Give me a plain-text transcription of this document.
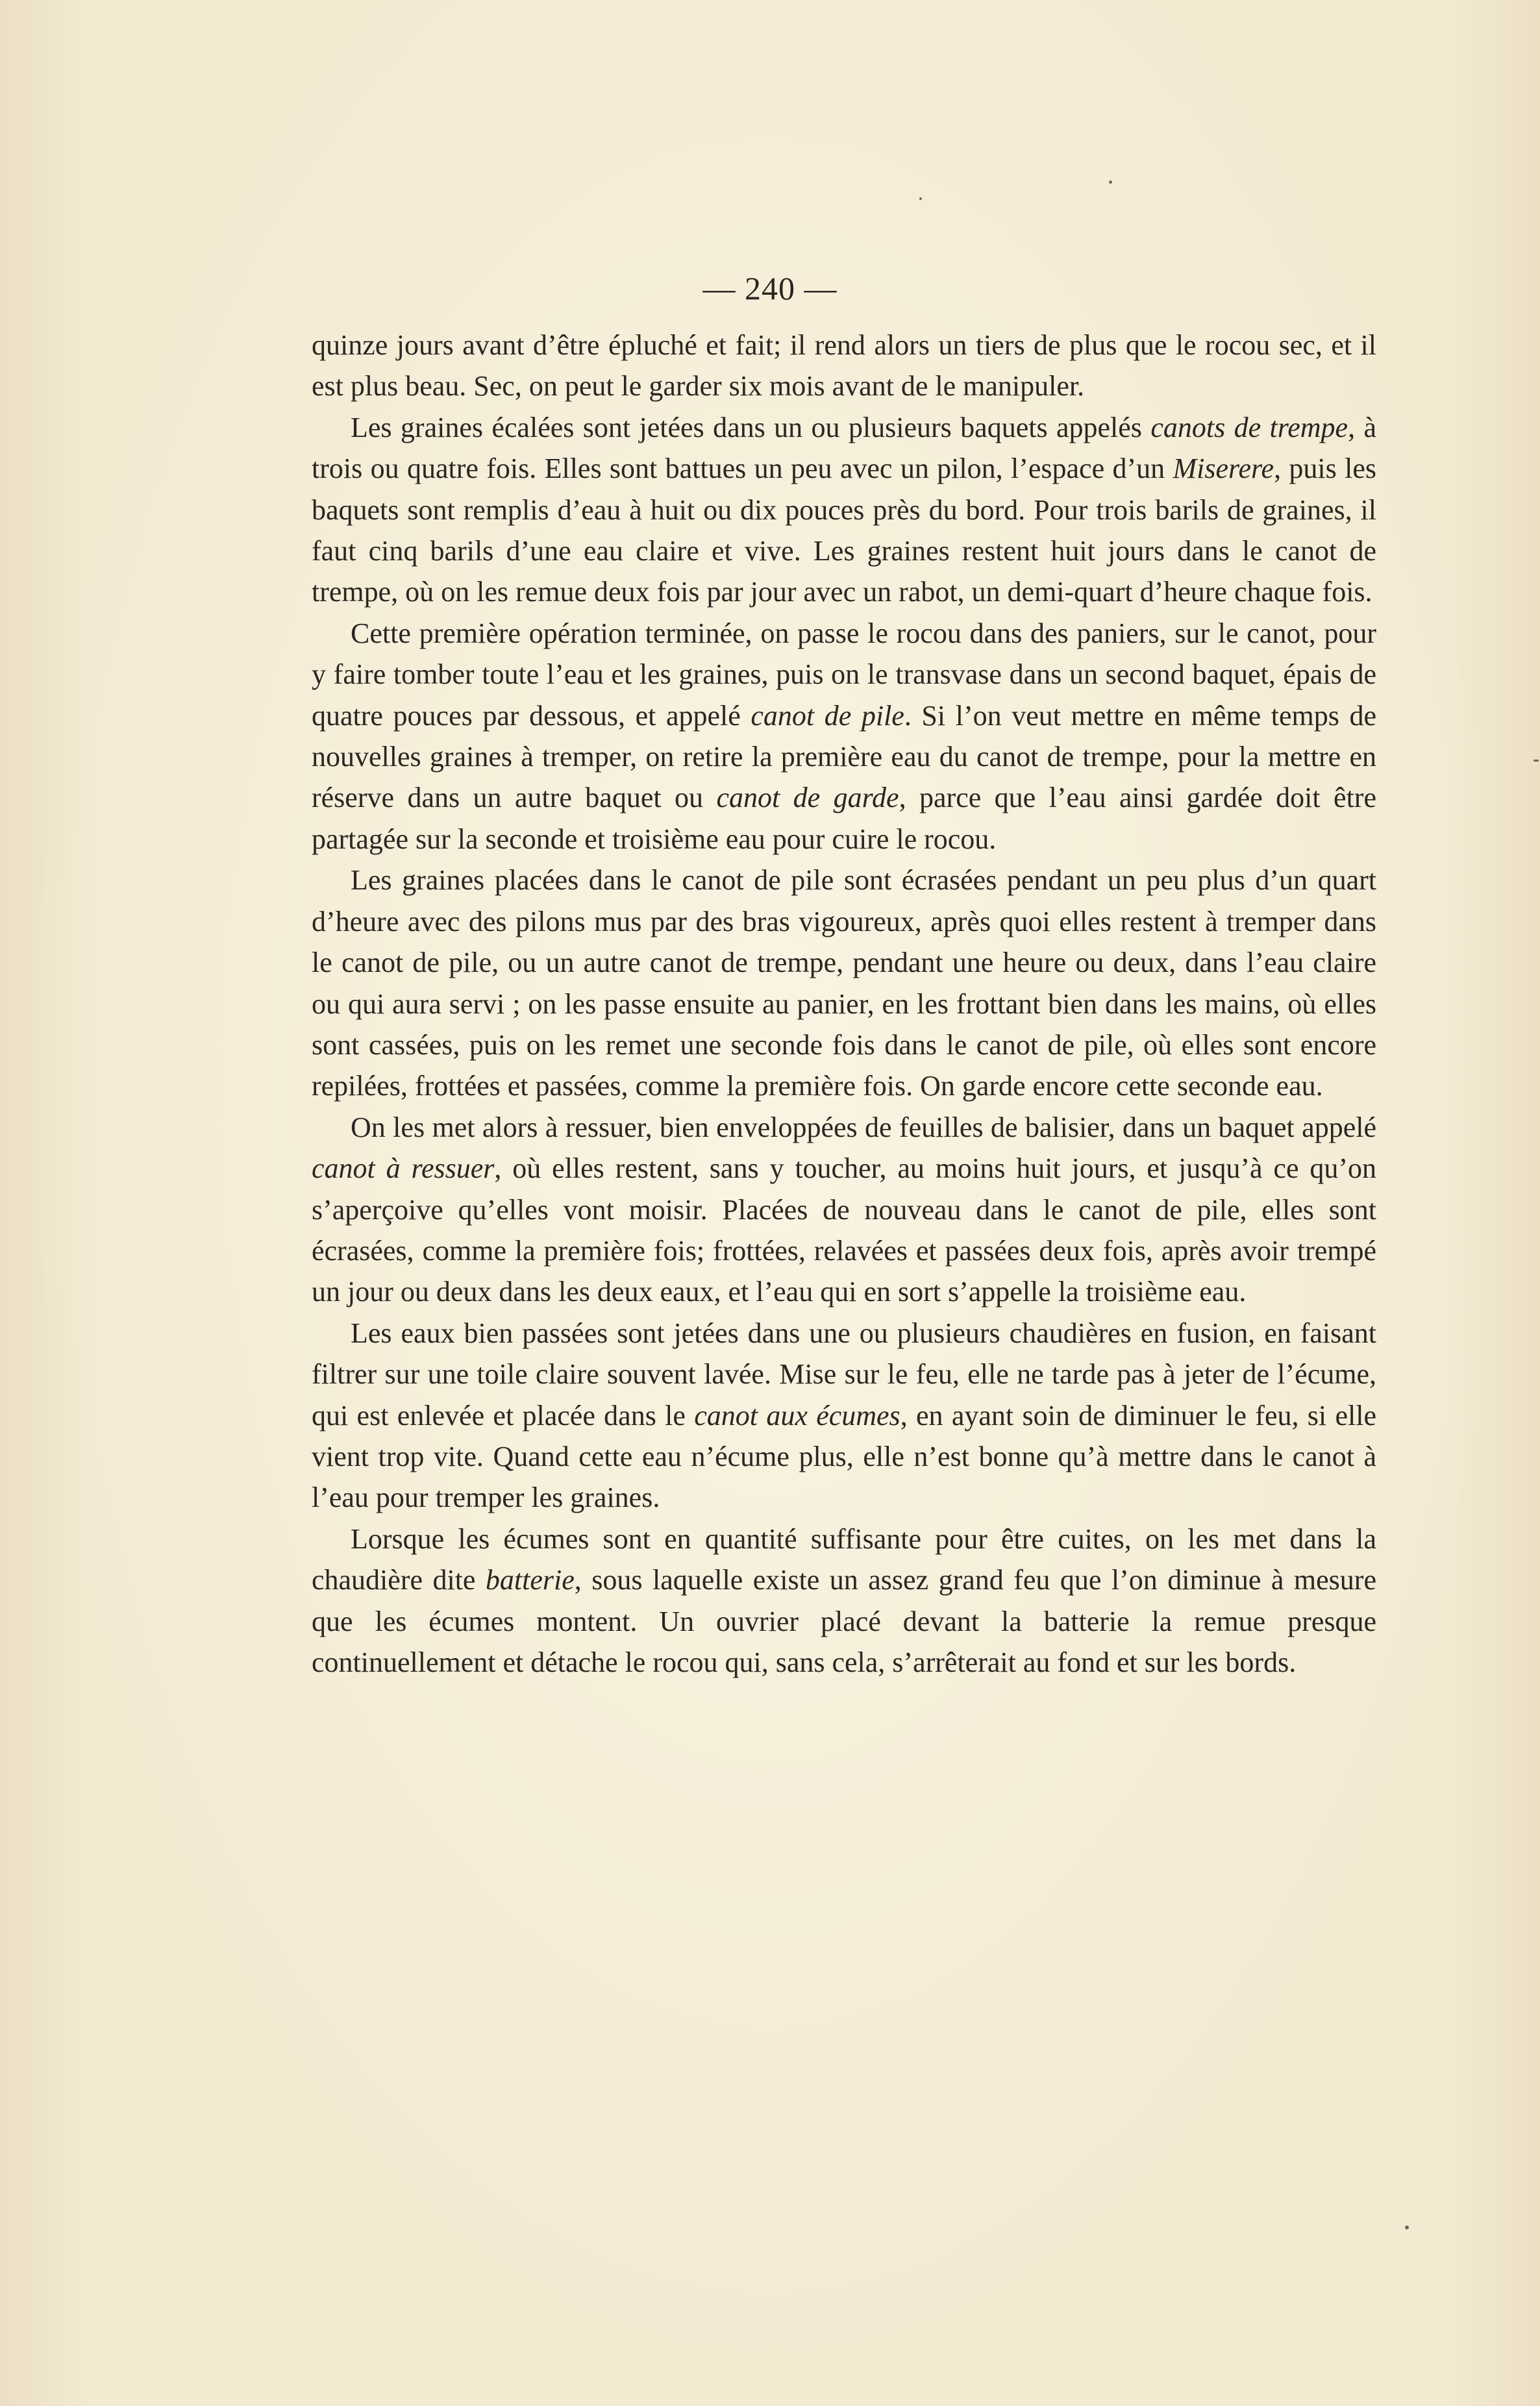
— 240 —

quinze jours avant d’être épluché et fait; il rend alors un tiers de plus que le rocou sec, et il est plus beau. Sec, on peut le garder six mois avant de le manipuler.

Les graines écalées sont jetées dans un ou plusieurs baquets appelés canots de trempe, à trois ou quatre fois. Elles sont battues un peu avec un pilon, l’espace d’un Miserere, puis les baquets sont remplis d’eau à huit ou dix pouces près du bord. Pour trois barils de graines, il faut cinq barils d’une eau claire et vive. Les graines restent huit jours dans le canot de trempe, où on les remue deux fois par jour avec un rabot, un demi-quart d’heure chaque fois.

Cette première opération terminée, on passe le rocou dans des paniers, sur le canot, pour y faire tomber toute l’eau et les graines, puis on le transvase dans un second baquet, épais de quatre pouces par dessous, et appelé canot de pile. Si l’on veut mettre en même temps de nouvelles graines à tremper, on retire la première eau du canot de trempe, pour la mettre en réserve dans un autre baquet ou canot de garde, parce que l’eau ainsi gardée doit être partagée sur la seconde et troisième eau pour cuire le rocou.

Les graines placées dans le canot de pile sont écrasées pendant un peu plus d’un quart d’heure avec des pilons mus par des bras vigoureux, après quoi elles restent à tremper dans le canot de pile, ou un autre canot de trempe, pendant une heure ou deux, dans l’eau claire ou qui aura servi ; on les passe ensuite au panier, en les frottant bien dans les mains, où elles sont cassées, puis on les remet une seconde fois dans le canot de pile, où elles sont encore repilées, frottées et passées, comme la première fois. On garde encore cette seconde eau.

On les met alors à ressuer, bien enveloppées de feuilles de balisier, dans un baquet appelé canot à ressuer, où elles restent, sans y toucher, au moins huit jours, et jusqu’à ce qu’on s’aperçoive qu’elles vont moisir. Placées de nouveau dans le canot de pile, elles sont écrasées, comme la première fois; frottées, relavées et passées deux fois, après avoir trempé un jour ou deux dans les deux eaux, et l’eau qui en sort s’appelle la troisième eau.

Les eaux bien passées sont jetées dans une ou plusieurs chaudières en fusion, en faisant filtrer sur une toile claire souvent lavée. Mise sur le feu, elle ne tarde pas à jeter de l’écume, qui est enlevée et placée dans le canot aux écumes, en ayant soin de diminuer le feu, si elle vient trop vite. Quand cette eau n’écume plus, elle n’est bonne qu’à mettre dans le canot à l’eau pour tremper les graines.

Lorsque les écumes sont en quantité suffisante pour être cuites, on les met dans la chaudière dite batterie, sous laquelle existe un assez grand feu que l’on diminue à mesure que les écumes montent. Un ouvrier placé devant la batterie la remue presque continuellement et détache le rocou qui, sans cela, s’arrêterait au fond et sur les bords.
